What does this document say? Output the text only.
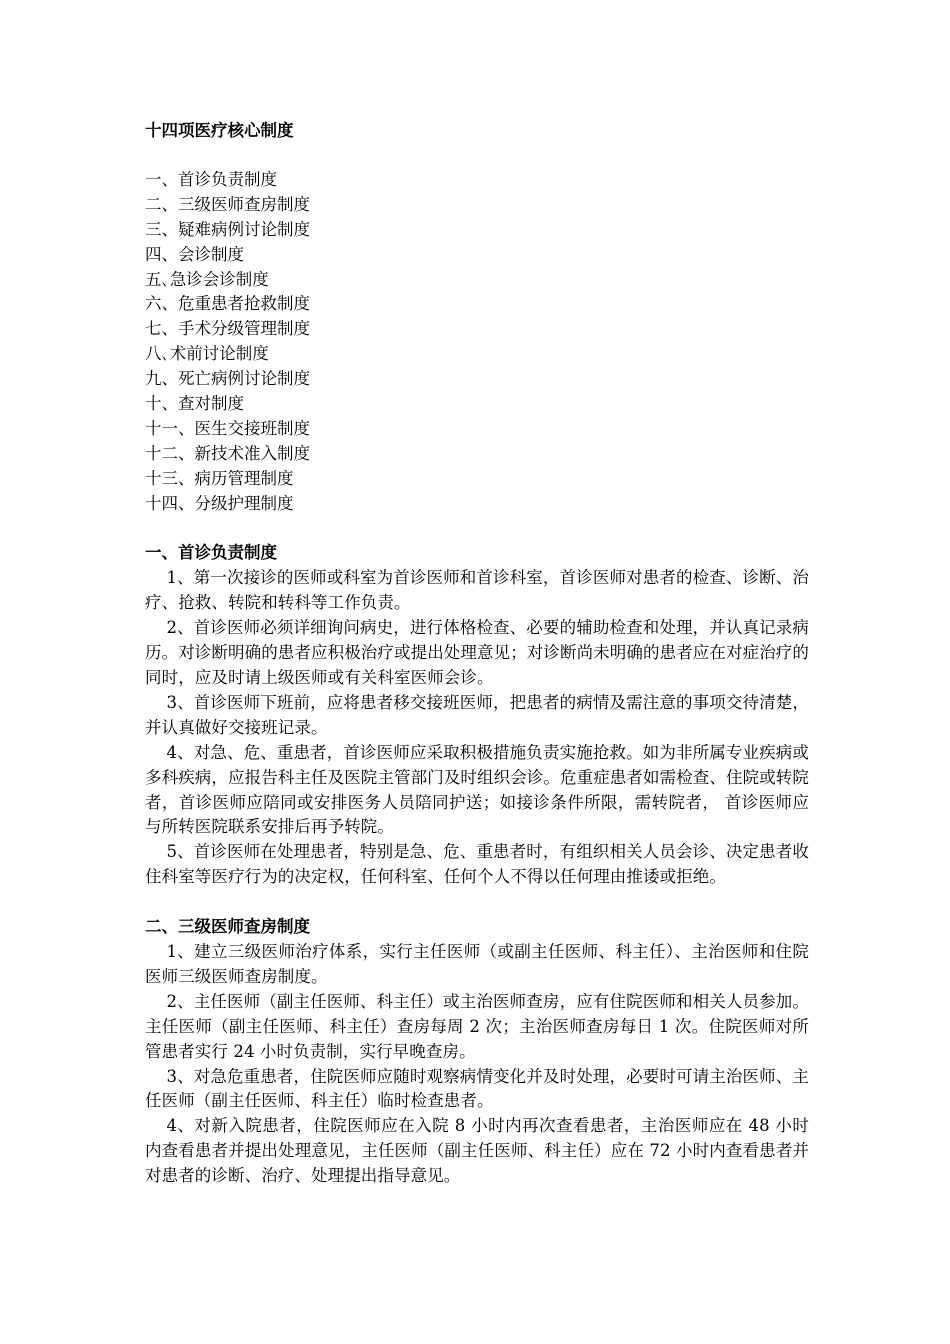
十四项医疗核心制度
一、首诊负责制度
二、三级医师查房制度
三、疑难病例讨论制度
四、会诊制度
五､急诊会诊制度
六、危重患者抢救制度
七、手术分级管理制度
八､术前讨论制度
九、死亡病例讨论制度
十、查对制度
十一、医生交接班制度
十二、新技术准入制度
十三、病历管理制度
十四、分级护理制度
一、首诊负责制度

1、第一次接诊的医师或科室为首诊医师和首诊科室，首诊医师对患者的检查、诊断、治疗、抢救、转院和转科等工作负责。

2、首诊医师必须详细询问病史，进行体格检查、必要的辅助检查和处理，并认真记录病历。对诊断明确的患者应积极治疗或提出处理意见；对诊断尚未明确的患者应在对症治疗的同时，应及时请上级医师或有关科室医师会诊。

3、首诊医师下班前，应将患者移交接班医师，把患者的病情及需注意的事项交待清楚，并认真做好交接班记录。

4、对急、危、重患者，首诊医师应采取积极措施负责实施抢救。如为非所属专业疾病或多科疾病，应报告科主任及医院主管部门及时组织会诊。危重症患者如需检查、住院或转院者，首诊医师应陪同或安排医务人员陪同护送；如接诊条件所限，需转院者， 首诊医师应与所转医院联系安排后再予转院。

5、首诊医师在处理患者，特别是急、危、重患者时，有组织相关人员会诊、决定患者收住科室等医疗行为的决定权，任何科室、任何个人不得以任何理由推诿或拒绝。

二、三级医师查房制度

1、建立三级医师治疗体系，实行主任医师（或副主任医师、科主任）、主治医师和住院医师三级医师查房制度。

2、主任医师（副主任医师、科主任）或主治医师查房，应有住院医师和相关人员参加。主任医师（副主任医师、科主任）查房每周 2 次；主治医师查房每日 1 次。住院医师对所管患者实行 24 小时负责制，实行早晚查房。

3、对急危重患者，住院医师应随时观察病情变化并及时处理，必要时可请主治医师、主任医师（副主任医师、科主任）临时检查患者。

4、对新入院患者，住院医师应在入院 8 小时内再次查看患者，主治医师应在 48 小时内查看患者并提出处理意见，主任医师（副主任医师、科主任）应在 72 小时内查看患者并对患者的诊断、治疗、处理提出指导意见。
